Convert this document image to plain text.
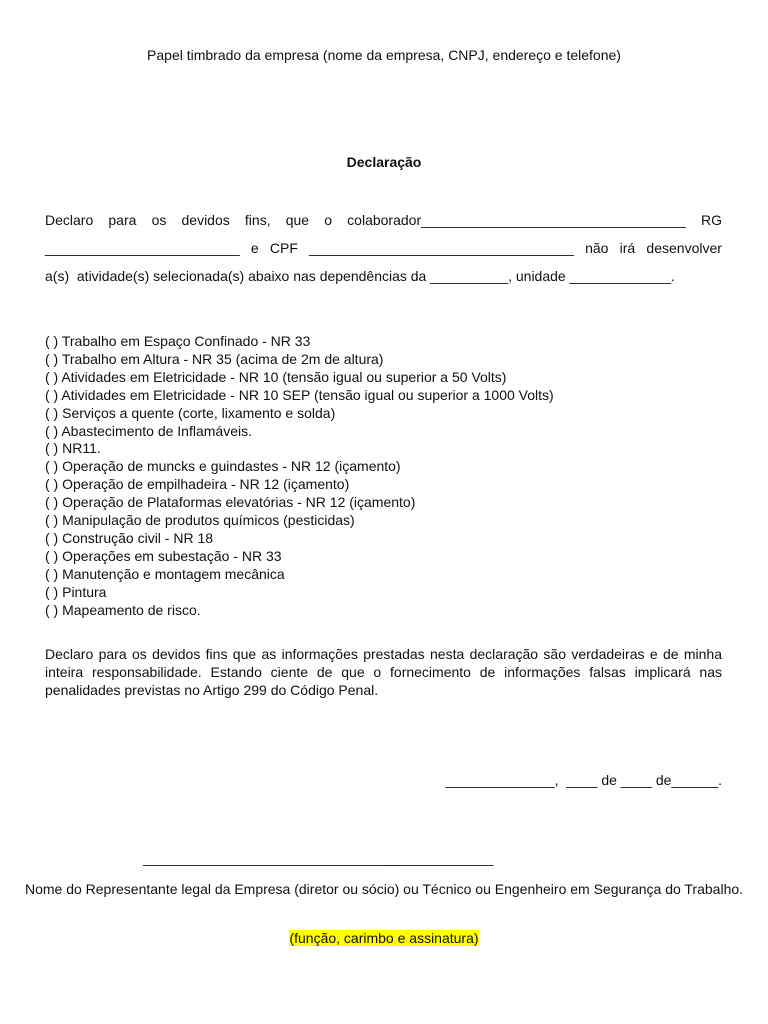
Papel timbrado da empresa (nome da empresa, CNPJ, endereço e telefone)
Declaração
Declaro para os devidos fins, que o colaborador__________________________________ RG
_________________________ e CPF __________________________________ não irá desenvolver
a(s)  atividade(s) selecionada(s) abaixo nas dependências da __________, unidade _____________.
( ) Trabalho em Espaço Confinado - NR 33
( ) Trabalho em Altura - NR 35 (acima de 2m de altura)
( ) Atividades em Eletricidade - NR 10 (tensão igual ou superior a 50 Volts)
( ) Atividades em Eletricidade - NR 10 SEP (tensão igual ou superior a 1000 Volts)
( ) Serviços a quente (corte, lixamento e solda)
( ) Abastecimento de Inflamáveis.
( ) NR11.
( ) Operação de muncks e guindastes - NR 12 (içamento)
( ) Operação de empilhadeira - NR 12 (içamento)
( ) Operação de Plataformas elevatórias - NR 12 (içamento)
( ) Manipulação de produtos químicos (pesticidas)
( ) Construção civil - NR 18
( ) Operações em subestação - NR 33
( ) Manutenção e montagem mecânica
( ) Pintura
( ) Mapeamento de risco.
Declaro para os devidos fins que as informações prestadas nesta declaração são verdadeiras e de minha inteira responsabilidade. Estando ciente de que o fornecimento de informações falsas implicará nas penalidades previstas no Artigo 299 do Código Penal.
______________,  ____ de ____ de______.
_____________________________________________
Nome do Representante legal da Empresa (diretor ou sócio) ou Técnico ou Engenheiro em Segurança do Trabalho.
(função, carimbo e assinatura)
